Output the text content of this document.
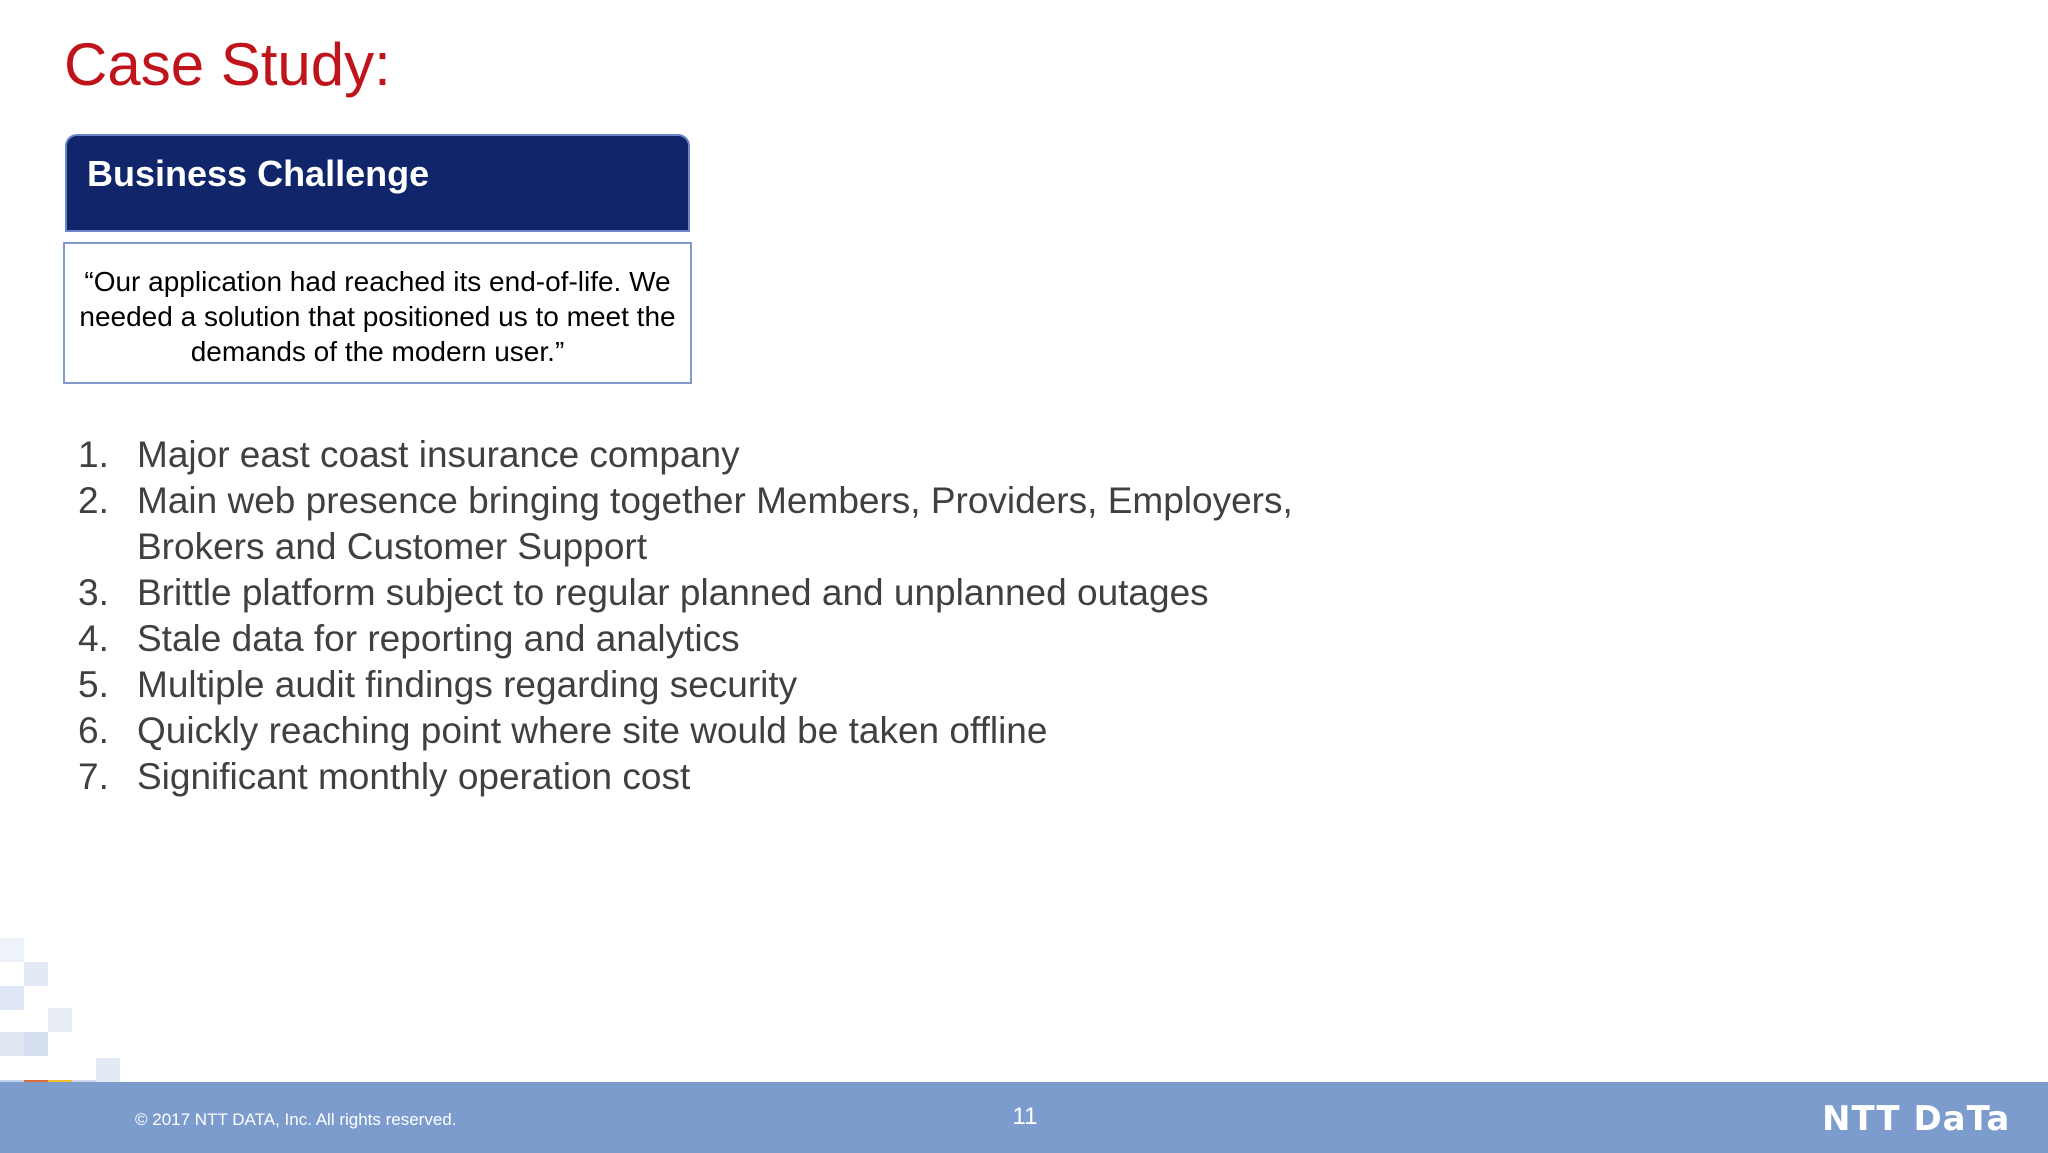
Case Study:
Business Challenge
“Our application had reached its end-of-life. We needed a solution that positioned us to meet the demands of the modern user.”
1. Major east coast insurance company
2. Main web presence bringing together Members, Providers, Employers, Brokers and Customer Support
3. Brittle platform subject to regular planned and unplanned outages
4. Stale data for reporting and analytics
5. Multiple audit findings regarding security
6. Quickly reaching point where site would be taken offline
7. Significant monthly operation cost
© 2017 NTT DATA, Inc. All rights reserved.	11	NTT DaTa
